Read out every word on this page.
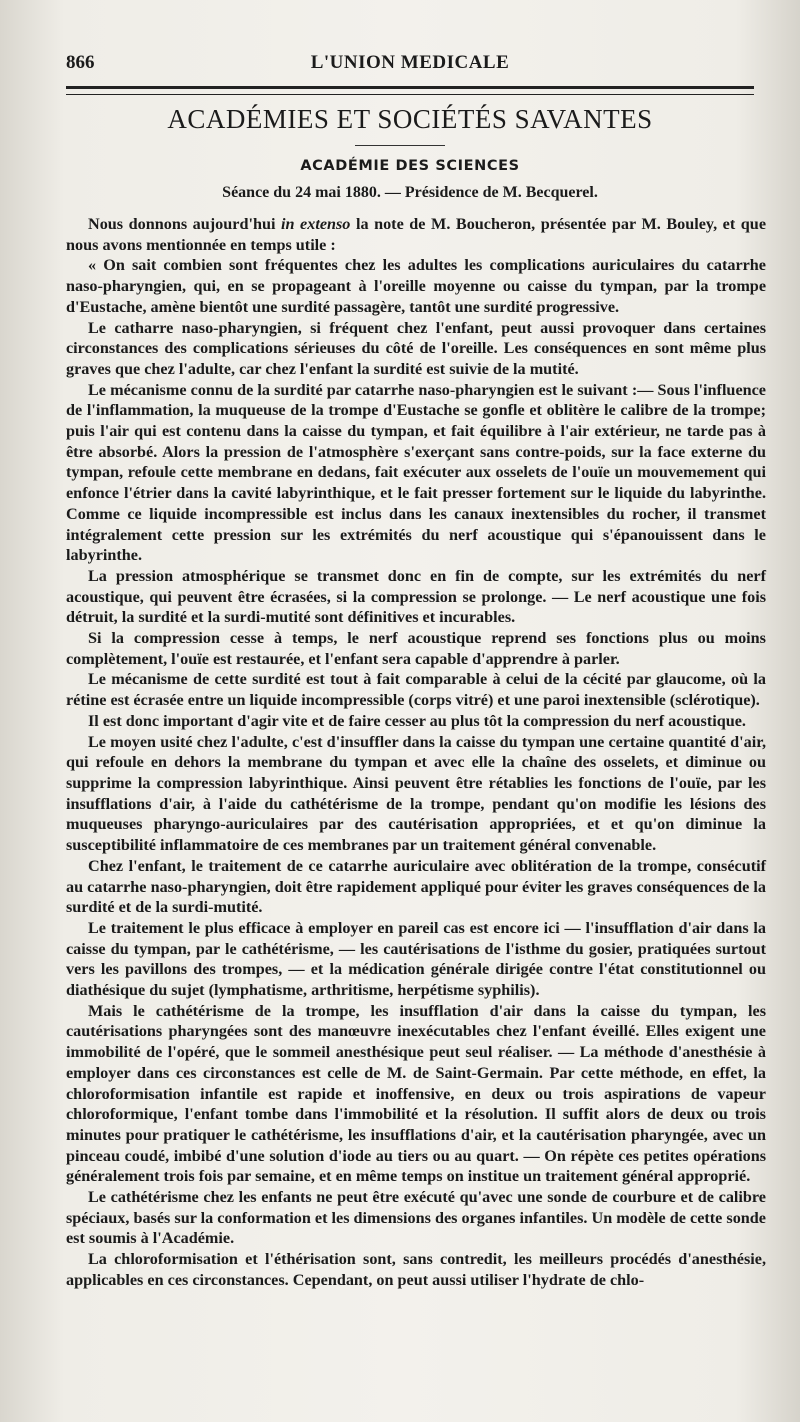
866	L'UNION MEDICALE
ACADÉMIES ET SOCIÉTÉS SAVANTES
ACADÉMIE DES SCIENCES
Séance du 24 mai 1880. — Présidence de M. Becquerel.

Nous donnons aujourd'hui in extenso la note de M. Boucheron, présentée par M. Bouley, et que nous avons mentionnée en temps utile :

« On sait combien sont fréquentes chez les adultes les complications auriculaires du catarrhe naso-pharyngien, qui, en se propageant à l'oreille moyenne ou caisse du tympan, par la trompe d'Eustache, amène bientôt une surdité passagère, tantôt une surdité progressive.

Le catharre naso-pharyngien, si fréquent chez l'enfant, peut aussi provoquer dans certaines circonstances des complications sérieuses du côté de l'oreille. Les conséquences en sont même plus graves que chez l'adulte, car chez l'enfant la surdité est suivie de la mutité.

Le mécanisme connu de la surdité par catarrhe naso-pharyngien est le suivant :— Sous l'influence de l'inflammation, la muqueuse de la trompe d'Eustache se gonfle et oblitère le calibre de la trompe; puis l'air qui est contenu dans la caisse du tympan, et fait équilibre à l'air extérieur, ne tarde pas à être absorbé. Alors la pression de l'atmosphère s'exerçant sans contre-poids, sur la face externe du tympan, refoule cette membrane en dedans, fait exécuter aux osselets de l'ouïe un mouvemement qui enfonce l'étrier dans la cavité labyrinthique, et le fait presser fortement sur le liquide du labyrinthe. Comme ce liquide incompressible est inclus dans les canaux inextensibles du rocher, il transmet intégralement cette pression sur les extrémités du nerf acoustique qui s'épanouissent dans le labyrinthe.

La pression atmosphérique se transmet donc en fin de compte, sur les extrémités du nerf acoustique, qui peuvent être écrasées, si la compression se prolonge. — Le nerf acoustique une fois détruit, la surdité et la surdi-mutité sont définitives et incurables.

Si la compression cesse à temps, le nerf acoustique reprend ses fonctions plus ou moins complètement, l'ouïe est restaurée, et l'enfant sera capable d'apprendre à parler.

Le mécanisme de cette surdité est tout à fait comparable à celui de la cécité par glaucome, où la rétine est écrasée entre un liquide incompressible (corps vitré) et une paroi inextensible (sclérotique).

Il est donc important d'agir vite et de faire cesser au plus tôt la compression du nerf acoustique.

Le moyen usité chez l'adulte, c'est d'insuffler dans la caisse du tympan une certaine quantité d'air, qui refoule en dehors la membrane du tympan et avec elle la chaîne des osselets, et diminue ou supprime la compression labyrinthique. Ainsi peuvent être rétablies les fonctions de l'ouïe, par les insufflations d'air, à l'aide du cathétérisme de la trompe, pendant qu'on modifie les lésions des muqueuses pharyngo-auriculaires par des cautérisation appropriées, et et qu'on diminue la susceptibilité inflammatoire de ces membranes par un traitement général convenable.

Chez l'enfant, le traitement de ce catarrhe auriculaire avec oblitération de la trompe, consécutif au catarrhe naso-pharyngien, doit être rapidement appliqué pour éviter les graves conséquences de la surdité et de la surdi-mutité.

Le traitement le plus efficace à employer en pareil cas est encore ici — l'insufflation d'air dans la caisse du tympan, par le cathétérisme, — les cautérisations de l'isthme du gosier, pratiquées surtout vers les pavillons des trompes, — et la médication générale dirigée contre l'état constitutionnel ou diathésique du sujet (lymphatisme, arthritisme, herpétisme syphilis).

Mais le cathétérisme de la trompe, les insufflation d'air dans la caisse du tympan, les cautérisations pharyngées sont des manœuvre inexécutables chez l'enfant éveillé. Elles exigent une immobilité de l'opéré, que le sommeil anesthésique peut seul réaliser. — La méthode d'anesthésie à employer dans ces circonstances est celle de M. de Saint-Germain. Par cette méthode, en effet, la chloroformisation infantile est rapide et inoffensive, en deux ou trois aspirations de vapeur chloroformique, l'enfant tombe dans l'immobilité et la résolution. Il suffit alors de deux ou trois minutes pour pratiquer le cathétérisme, les insufflations d'air, et la cautérisation pharyngée, avec un pinceau coudé, imbibé d'une solution d'iode au tiers ou au quart. — On répète ces petites opérations généralement trois fois par semaine, et en même temps on institue un traitement général approprié.

Le cathétérisme chez les enfants ne peut être exécuté qu'avec une sonde de courbure et de calibre spéciaux, basés sur la conformation et les dimensions des organes infantiles. Un modèle de cette sonde est soumis à l'Académie.

La chloroformisation et l'éthérisation sont, sans contredit, les meilleurs procédés d'anesthésie, applicables en ces circonstances. Cependant, on peut aussi utiliser l'hydrate de chlo-
